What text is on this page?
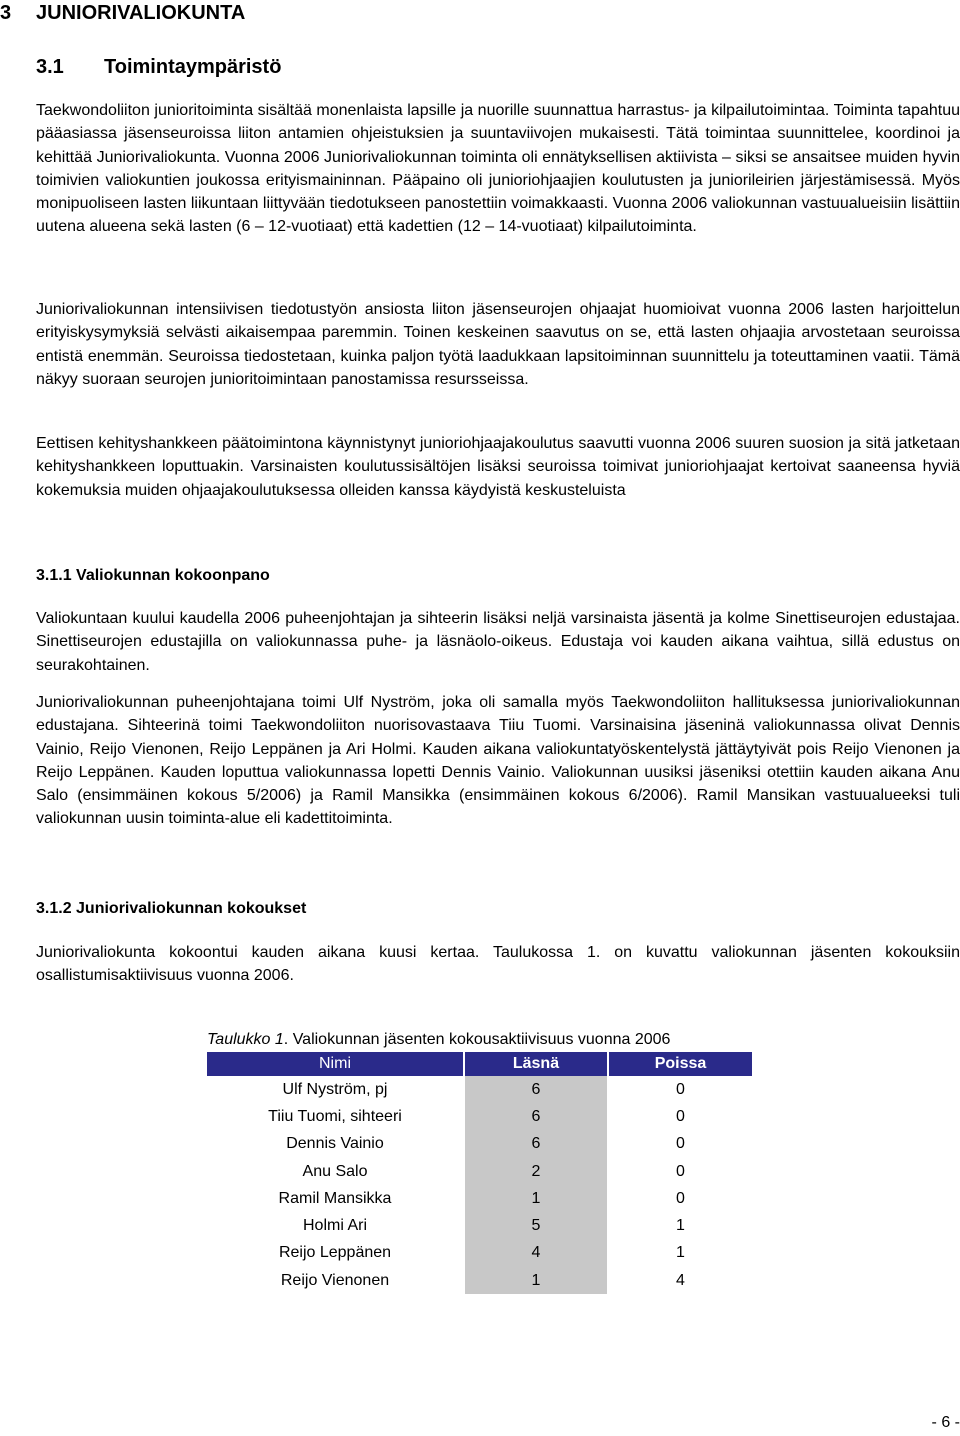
3 JUNIORIVALIOKUNTA
3.1 Toimintaympäristö

Taekwondoliiton junioritoiminta sisältää monenlaista lapsille ja nuorille suunnattua harrastus- ja kilpailutoimintaa. Toiminta tapahtuu pääasiassa jäsenseuroissa liiton antamien ohjeistuksien ja suuntaviivojen mukaisesti. Tätä toimintaa suunnittelee, koordinoi ja kehittää Juniorivaliokunta. Vuonna 2006 Juniorivaliokunnan toiminta oli ennätyksellisen aktiivista – siksi se ansaitsee muiden hyvin toimivien valiokuntien joukossa erityismaininnan. Pääpaino oli junioriohjaajien koulutusten ja juniorileirien järjestämisessä. Myös monipuoliseen lasten liikuntaan liittyvään tiedotukseen panostettiin voimakkaasti. Vuonna 2006 valiokunnan vastuualueisiin lisättiin uutena alueena sekä lasten (6 – 12-vuotiaat) että kadettien (12 – 14-vuotiaat) kilpailutoiminta.

Juniorivaliokunnan intensiivisen tiedotustyön ansiosta liiton jäsenseurojen ohjaajat huomioivat vuonna 2006 lasten harjoittelun erityiskysymyksiä selvästi aikaisempaa paremmin. Toinen keskeinen saavutus on se, että lasten ohjaajia arvostetaan seuroissa entistä enemmän. Seuroissa tiedostetaan, kuinka paljon työtä laadukkaan lapsitoiminnan suunnittelu ja toteuttaminen vaatii. Tämä näkyy suoraan seurojen junioritoimintaan panostamissa resursseissa.

Eettisen kehityshankkeen päätoimintona käynnistynyt junioriohjaajakoulutus saavutti vuonna 2006 suuren suosion ja sitä jatketaan kehityshankkeen loputtuakin. Varsinaisten koulutussisältöjen lisäksi seuroissa toimivat junioriohjaajat kertoivat saaneensa hyviä kokemuksia muiden ohjaajakoulutuksessa olleiden kanssa käydyistä keskusteluista

3.1.1 Valiokunnan kokoonpano

Valiokuntaan kuului kaudella 2006 puheenjohtajan ja sihteerin lisäksi neljä varsinaista jäsentä ja kolme Sinettiseurojen edustajaa. Sinettiseurojen edustajilla on valiokunnassa puhe- ja läsnäolo-oikeus. Edustaja voi kauden aikana vaihtua, sillä edustus on seurakohtainen.

Juniorivaliokunnan puheenjohtajana toimi Ulf Nyström, joka oli samalla myös Taekwondoliiton hallituksessa juniorivaliokunnan edustajana. Sihteerinä toimi Taekwondoliiton nuorisovastaava Tiiu Tuomi. Varsinaisina jäseninä valiokunnassa olivat Dennis Vainio, Reijo Vienonen, Reijo Leppänen ja Ari Holmi. Kauden aikana valiokuntatyöskentelystä jättäytyivät pois Reijo Vienonen ja Reijo Leppänen. Kauden loputtua valiokunnassa lopetti Dennis Vainio. Valiokunnan uusiksi jäseniksi otettiin kauden aikana Anu Salo (ensimmäinen kokous 5/2006) ja Ramil Mansikka (ensimmäinen kokous 6/2006). Ramil Mansikan vastuualueeksi tuli valiokunnan uusin toiminta-alue eli kadettitoiminta.

3.1.2 Juniorivaliokunnan kokoukset

Juniorivaliokunta kokoontui kauden aikana kuusi kertaa. Taulukossa 1. on kuvattu valiokunnan jäsenten kokouksiin osallistumisaktiivisuus vuonna 2006.

Taulukko 1. Valiokunnan jäsenten kokousaktiivisuus vuonna 2006
Nimi	Läsnä	Poissa
Ulf Nyström, pj	6	0
Tiiu Tuomi, sihteeri	6	0
Dennis Vainio	6	0
Anu Salo	2	0
Ramil Mansikka	1	0
Holmi Ari	5	1
Reijo Leppänen	4	1
Reijo Vienonen	1	4
- 6 -
